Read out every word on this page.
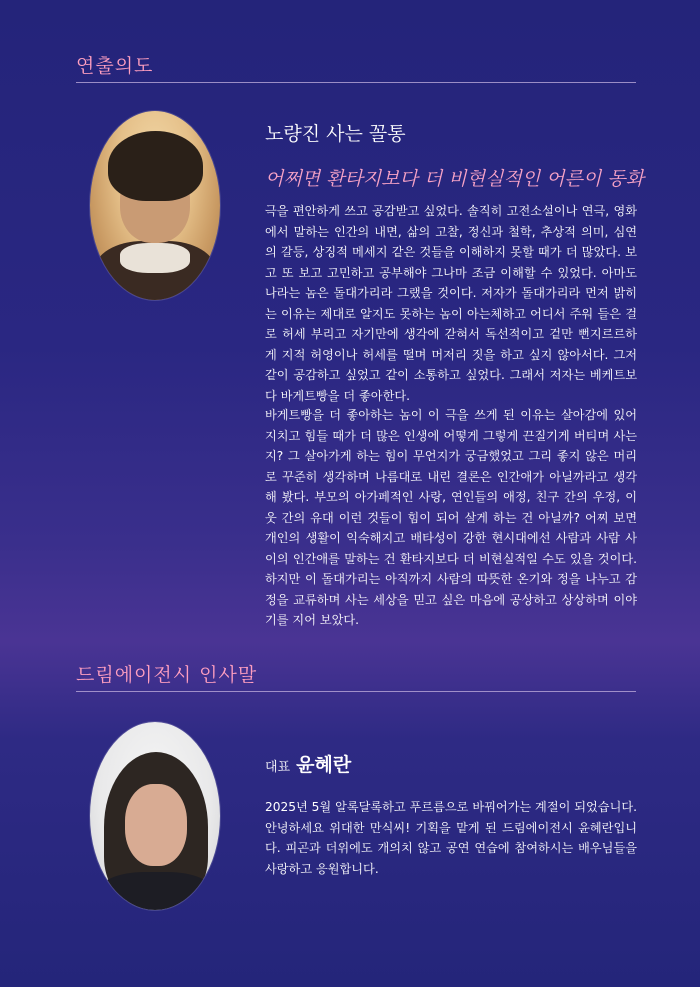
연출의도
노량진 사는 꼴통
어쩌면 환타지보다 더 비현실적인 어른이 동화

극을 편안하게 쓰고 공감받고 싶었다. 솔직히 고전소설이나 연극, 영화에서 말하는 인간의 내면, 삶의 고찰, 정신과 철학, 추상적 의미, 심연의 갈등, 상징적 메세지 같은 것들을 이해하지 못할 때가 더 많았다. 보고 또 보고 고민하고 공부해야 그나마 조금 이해할 수 있었다. 아마도 나라는 놈은 돌대가리라 그랬을 것이다. 저자가 돌대가리라 먼저 밝히는 이유는 제대로 알지도 못하는 놈이 아는체하고 어디서 주워 들은 걸로 허세 부리고 자기만에 생각에 갇혀서 독선적이고 겉만 뻔지르르하게 지적 허영이나 허세를 떨며 머저리 짓을 하고 싶지 않아서다. 그저 같이 공감하고 싶었고 같이 소통하고 싶었다. 그래서 저자는 베케트보다 바게트빵을 더 좋아한다.

바게트빵을 더 좋아하는 놈이 이 극을 쓰게 된 이유는 살아감에 있어 지치고 힘들 때가 더 많은 인생에 어떻게 그렇게 끈질기게 버티며 사는지? 그 살아가게 하는 힘이 무언지가 궁금했었고 그리 좋지 않은 머리로 꾸준히 생각하며 나름대로 내린 결론은 인간애가 아닐까라고 생각해 봤다. 부모의 아가페적인 사랑, 연인들의 애정, 친구 간의 우정, 이웃 간의 유대 이런 것들이 힘이 되어 살게 하는 건 아닐까? 어찌 보면 개인의 생활이 익숙해지고 배타성이 강한 현시대에선 사람과 사람 사이의 인간애를 말하는 건 환타지보다 더 비현실적일 수도 있을 것이다. 하지만 이 돌대가리는 아직까지 사람의 따뜻한 온기와 정을 나누고 감정을 교류하며 사는 세상을 믿고 싶은 마음에 공상하고 상상하며 이야기를 지어 보았다.

드림에이전시 인사말
대표 윤혜란

2025년 5월 알록달록하고 푸르름으로 바꿔어가는 계절이 되었습니다. 안녕하세요 위대한 만식씨! 기획을 맡게 된 드림에이전시 윤혜란입니다. 피곤과 더위에도 개의치 않고 공연 연습에 참여하시는 배우님들을 사랑하고 응원합니다.
